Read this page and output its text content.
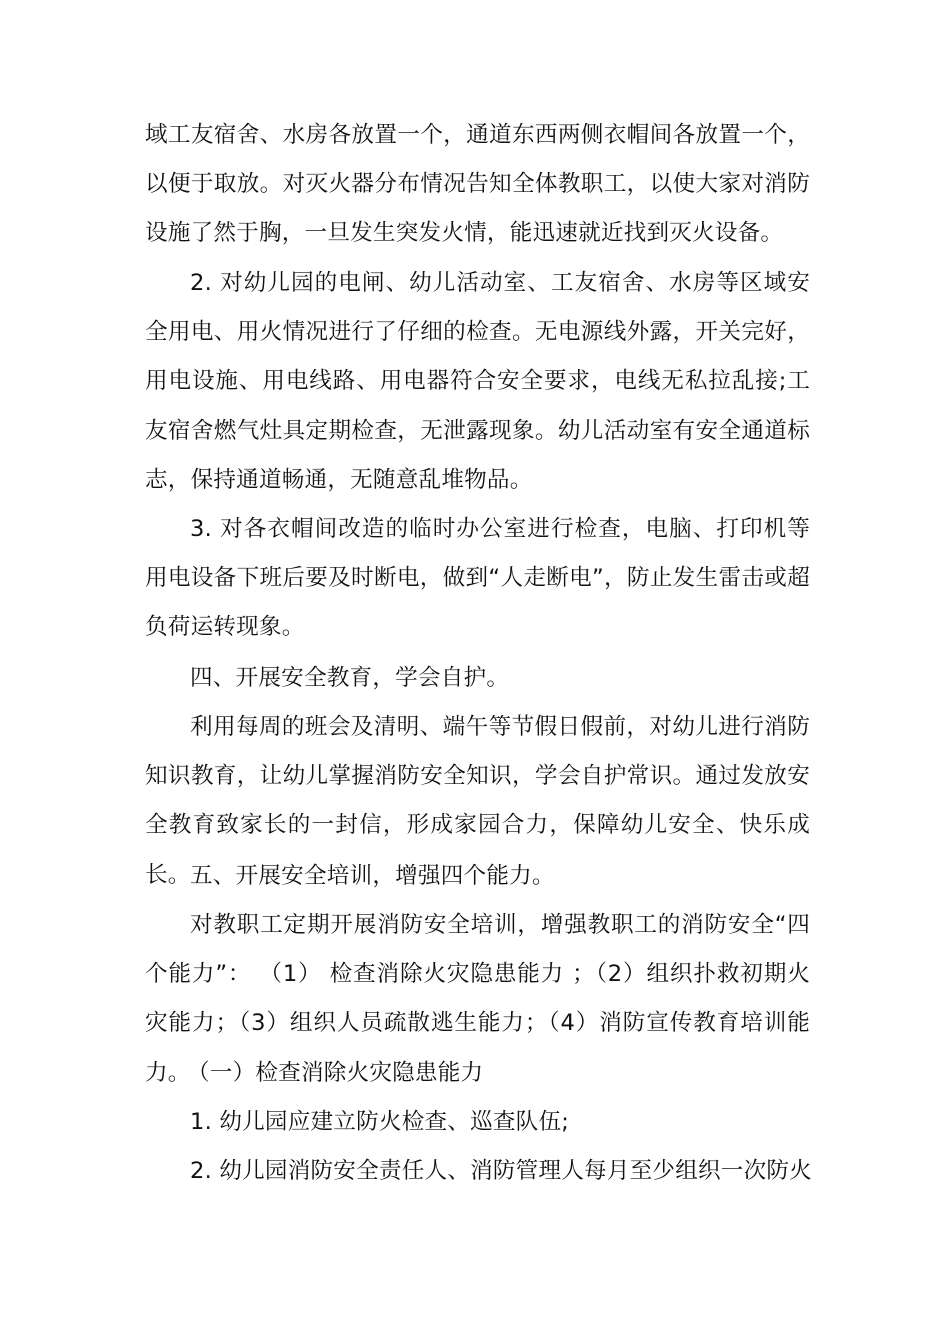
域工友宿舍、水房各放置一个，通道东西两侧衣帽间各放置一个，以便于取放。对灭火器分布情况告知全体教职工，以使大家对消防设施了然于胸，一旦发生突发火情，能迅速就近找到灭火设备。

2. 对幼儿园的电闸、幼儿活动室、工友宿舍、水房等区域安全用电、用火情况进行了仔细的检查。无电源线外露，开关完好，用电设施、用电线路、用电器符合安全要求，电线无私拉乱接;工友宿舍燃气灶具定期检查，无泄露现象。幼儿活动室有安全通道标志，保持通道畅通，无随意乱堆物品。

3. 对各衣帽间改造的临时办公室进行检查，电脑、打印机等用电设备下班后要及时断电，做到“人走断电”，防止发生雷击或超负荷运转现象。

四、开展安全教育，学会自护。

利用每周的班会及清明、端午等节假日假前，对幼儿进行消防知识教育，让幼儿掌握消防安全知识，学会自护常识。通过发放安全教育致家长的一封信，形成家园合力，保障幼儿安全、快乐成长。 五、开展安全培训，增强四个能力。

对教职工定期开展消防安全培训，增强教职工的消防安全“四个能力”： （1） 检查消除火灾隐患能力 ；（2）组织扑救初期火灾能力；（3）组织人员疏散逃生能力；（4）消防宣传教育培训能力。

（一）检查消除火灾隐患能力

1. 幼儿园应建立防火检查、巡查队伍;

2. 幼儿园消防安全责任人、消防管理人每月至少组织一次防火
